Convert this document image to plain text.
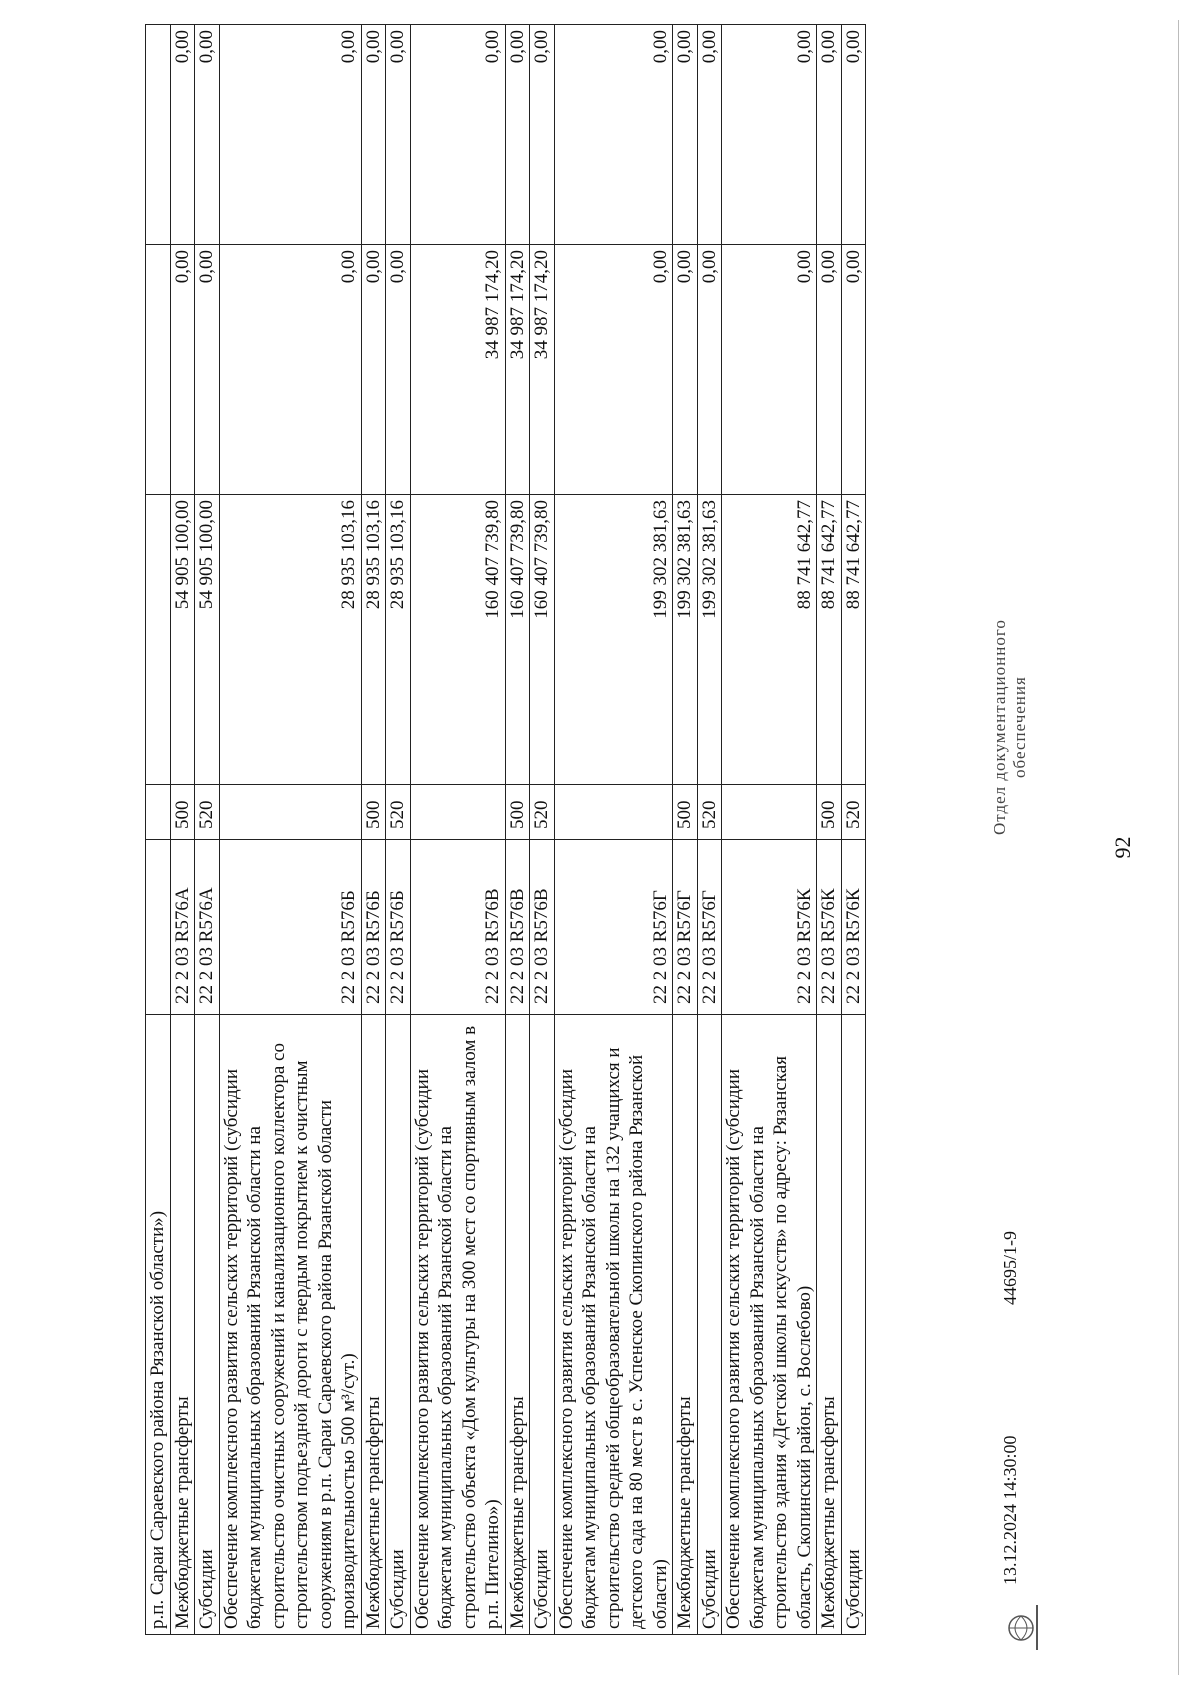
92
р.п. Сараи Сараевского района Рязанской области»)					
Межбюджетные трансферты	22 2 03 R576А	500	54 905 100,00	0,00	0,00
Субсидии	22 2 03 R576А	520	54 905 100,00	0,00	0,00
Обеспечение комплексного развития сельских территорий (субсидии бюджетам муниципальных образований Рязанской области на строительство очистных сооружений и канализационного коллектора со строительством подъездной дороги с твердым покрытием к очистным сооружениям в р.п. Сараи Сараевского района Рязанской области производительностью 500 м³/сут.)	22 2 03 R576Б		28 935 103,16	0,00	0,00
Межбюджетные трансферты	22 2 03 R576Б	500	28 935 103,16	0,00	0,00
Субсидии	22 2 03 R576Б	520	28 935 103,16	0,00	0,00
Обеспечение комплексного развития сельских территорий (субсидии бюджетам муниципальных образований Рязанской области на строительство объекта «Дом культуры на 300 мест со спортивным залом в р.п. Пителино»)	22 2 03 R576В		160 407 739,80	34 987 174,20	0,00
Межбюджетные трансферты	22 2 03 R576В	500	160 407 739,80	34 987 174,20	0,00
Субсидии	22 2 03 R576В	520	160 407 739,80	34 987 174,20	0,00
Обеспечение комплексного развития сельских территорий (субсидии бюджетам муниципальных образований Рязанской области на строительство средней общеобразовательной школы на 132 учащихся и детского сада на 80 мест в с. Успенское Скопинского района Рязанской области)	22 2 03 R576Г		199 302 381,63	0,00	0,00
Межбюджетные трансферты	22 2 03 R576Г	500	199 302 381,63	0,00	0,00
Субсидии	22 2 03 R576Г	520	199 302 381,63	0,00	0,00
Обеспечение комплексного развития сельских территорий (субсидии бюджетам муниципальных образований Рязанской области на строительство здания «Детской школы искусств» по адресу: Рязанская область, Скопинский район, с. Вослебово)	22 2 03 R576К		88 741 642,77	0,00	0,00
Межбюджетные трансферты	22 2 03 R576К	500	88 741 642,77	0,00	0,00
Субсидии	22 2 03 R576К	520	88 741 642,77	0,00	0,00
13.12.2024 14:30:00
44695/1-9
Отдел документационного обеспечения
